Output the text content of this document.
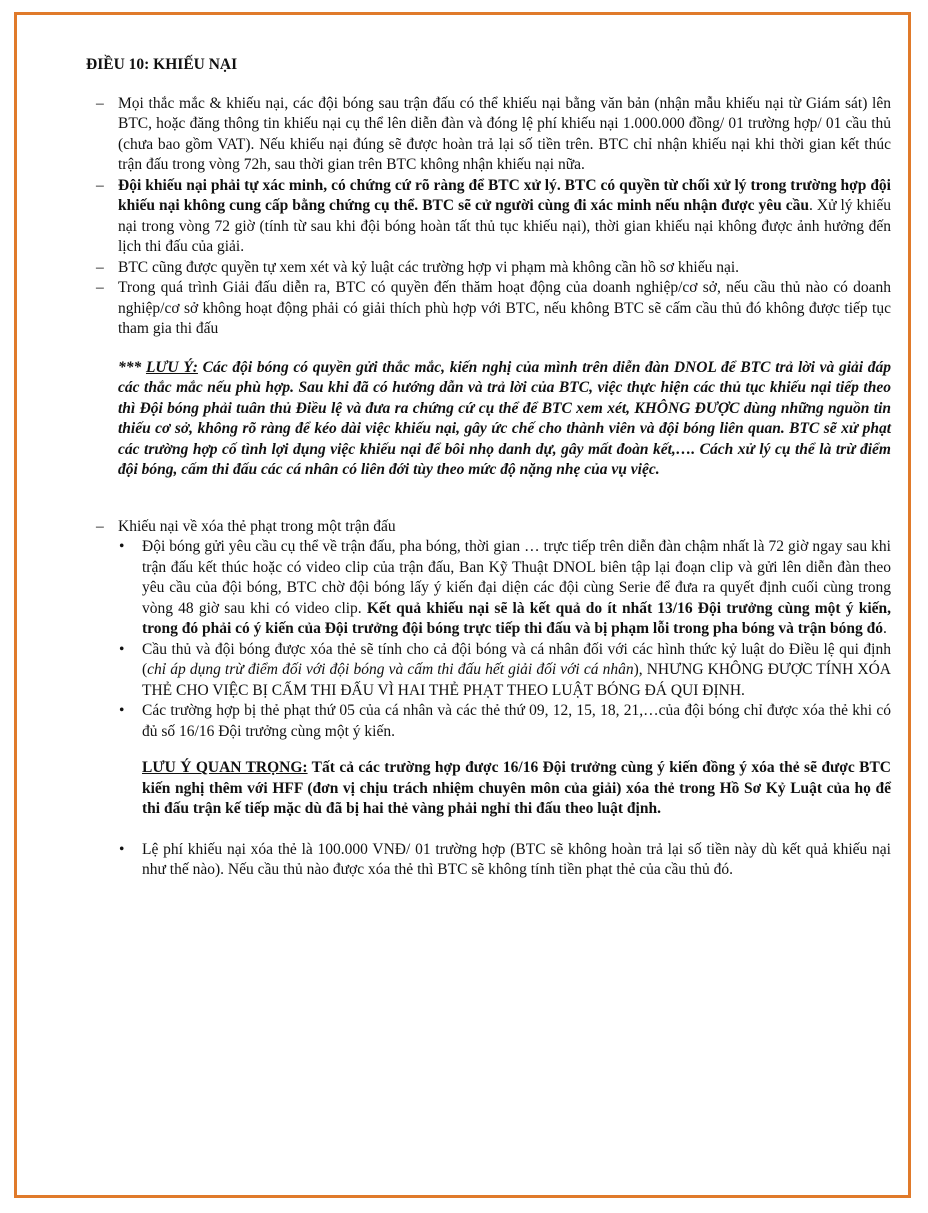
ĐIỀU 10: KHIẾU NẠI

– Mọi thắc mắc & khiếu nại, các đội bóng sau trận đấu có thể khiếu nại bằng văn bản (nhận mẫu khiếu nại từ Giám sát) lên BTC, hoặc đăng thông tin khiếu nại cụ thể lên diễn đàn và đóng lệ phí khiếu nại 1.000.000 đồng/ 01 trường hợp/ 01 cầu thủ (chưa bao gồm VAT). Nếu khiếu nại đúng sẽ được hoàn trả lại số tiền trên. BTC chỉ nhận khiếu nại khi thời gian kết thúc trận đấu trong vòng 72h, sau thời gian trên BTC không nhận khiếu nại nữa.

– Đội khiếu nại phải tự xác minh, có chứng cứ rõ ràng để BTC xử lý. BTC có quyền từ chối xử lý trong trường hợp đội khiếu nại không cung cấp bằng chứng cụ thể. BTC sẽ cử người cùng đi xác minh nếu nhận được yêu cầu. Xử lý khiếu nại trong vòng 72 giờ (tính từ sau khi đội bóng hoàn tất thủ tục khiếu nại), thời gian khiếu nại không được ảnh hưởng đến lịch thi đấu của giải.

– BTC cũng được quyền tự xem xét và kỷ luật các trường hợp vi phạm mà không cần hồ sơ khiếu nại.

– Trong quá trình Giải đấu diễn ra, BTC có quyền đến thăm hoạt động của doanh nghiệp/cơ sở, nếu cầu thủ nào có doanh nghiệp/cơ sở không hoạt động phải có giải thích phù hợp với BTC, nếu không BTC sẽ cấm cầu thủ đó không được tiếp tục tham gia thi đấu

*** LƯU Ý: Các đội bóng có quyền gửi thắc mắc, kiến nghị của mình trên diễn đàn DNOL để BTC trả lời và giải đáp các thắc mắc nếu phù hợp. Sau khi đã có hướng dẫn và trả lời của BTC, việc thực hiện các thủ tục khiếu nại tiếp theo thì Đội bóng phải tuân thủ Điều lệ và đưa ra chứng cứ cụ thể để BTC xem xét, KHÔNG ĐƯỢC dùng những nguồn tin thiếu cơ sở, không rõ ràng để kéo dài việc khiếu nại, gây ức chế cho thành viên và đội bóng liên quan. BTC sẽ xử phạt các trường hợp cố tình lợi dụng việc khiếu nại để bôi nhọ danh dự, gây mất đoàn kết,…. Cách xử lý cụ thể là trừ điểm đội bóng, cấm thi đấu các cá nhân có liên đới tùy theo mức độ nặng nhẹ của vụ việc.

– Khiếu nại về xóa thẻ phạt trong một trận đấu

• Đội bóng gửi yêu cầu cụ thể về trận đấu, pha bóng, thời gian … trực tiếp trên diễn đàn chậm nhất là 72 giờ ngay sau khi trận đấu kết thúc hoặc có video clip của trận đấu, Ban Kỹ Thuật DNOL biên tập lại đoạn clip và gửi lên diễn đàn theo yêu cầu của đội bóng, BTC chờ đội bóng lấy ý kiến đại diện các đội cùng Serie để đưa ra quyết định cuối cùng trong vòng 48 giờ sau khi có video clip. Kết quả khiếu nại sẽ là kết quả do ít nhất 13/16 Đội trưởng cùng một ý kiến, trong đó phải có ý kiến của Đội trưởng đội bóng trực tiếp thi đấu và bị phạm lỗi trong pha bóng và trận bóng đó.

• Cầu thủ và đội bóng được xóa thẻ sẽ tính cho cả đội bóng và cá nhân đối với các hình thức kỷ luật do Điều lệ qui định (chỉ áp dụng trừ điểm đối với đội bóng và cấm thi đấu hết giải đối với cá nhân), NHƯNG KHÔNG ĐƯỢC TÍNH XÓA THẺ CHO VIỆC BỊ CẤM THI ĐẤU VÌ HAI THẺ PHẠT THEO LUẬT BÓNG ĐÁ QUI ĐỊNH.

• Các trường hợp bị thẻ phạt thứ 05 của cá nhân và các thẻ thứ 09, 12, 15, 18, 21,…của đội bóng chỉ được xóa thẻ khi có đủ số 16/16 Đội trưởng cùng một ý kiến.

LƯU Ý QUAN TRỌNG: Tất cả các trường hợp được 16/16 Đội trưởng cùng ý kiến đồng ý xóa thẻ sẽ được BTC kiến nghị thêm với HFF (đơn vị chịu trách nhiệm chuyên môn của giải) xóa thẻ trong Hồ Sơ Kỷ Luật của họ để thi đấu trận kế tiếp mặc dù đã bị hai thẻ vàng phải nghỉ thi đấu theo luật định.

• Lệ phí khiếu nại xóa thẻ là 100.000 VNĐ/ 01 trường hợp (BTC sẽ không hoàn trả lại số tiền này dù kết quả khiếu nại như thế nào). Nếu cầu thủ nào được xóa thẻ thì BTC sẽ không tính tiền phạt thẻ của cầu thủ đó.
